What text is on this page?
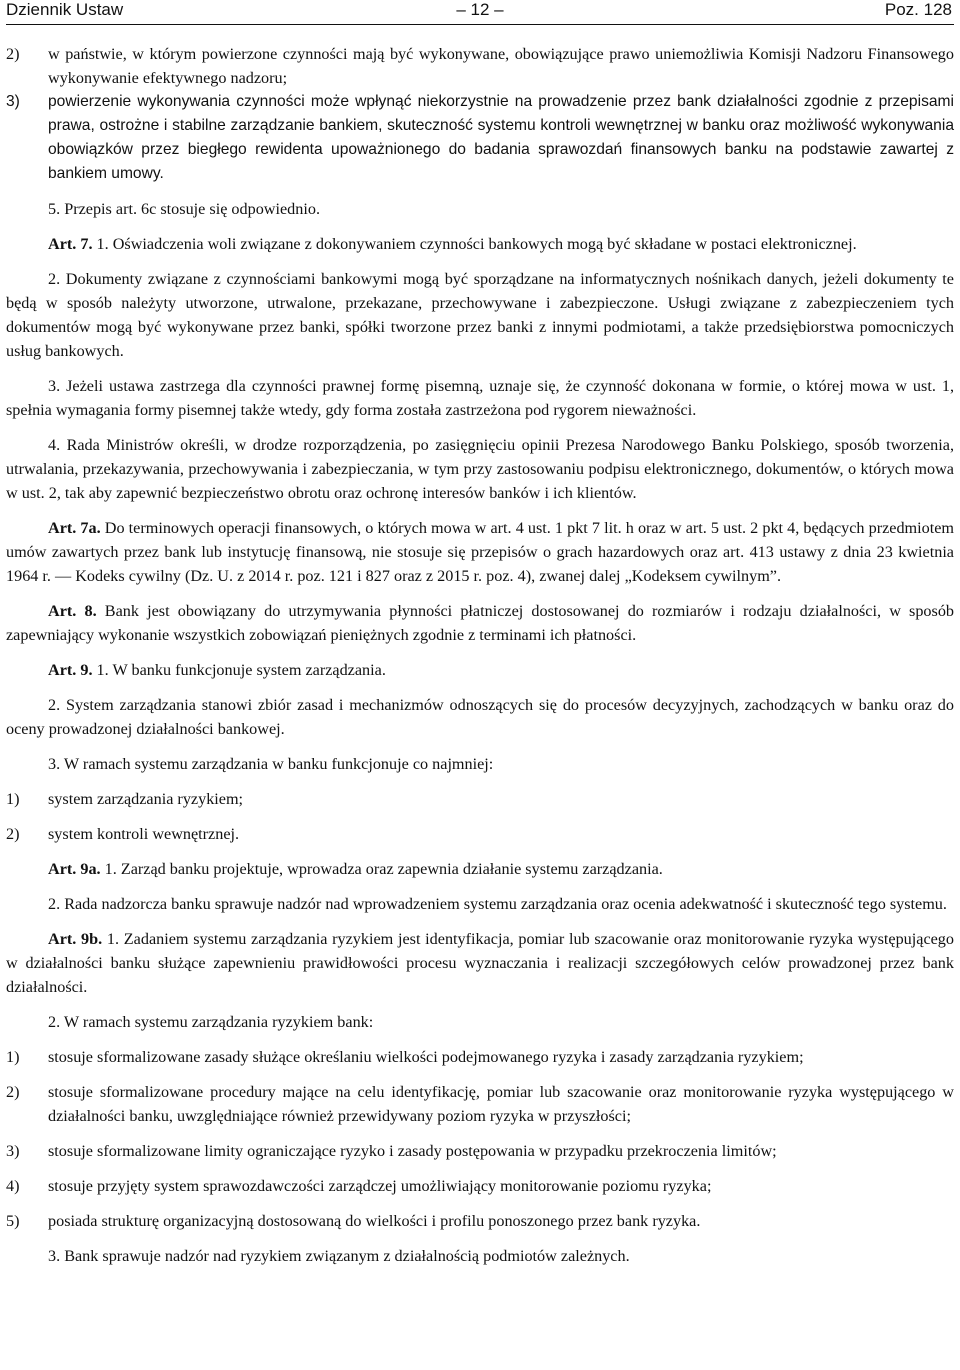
Dziennik Ustaw	– 12 –	Poz. 128

2) w państwie, w którym powierzone czynności mają być wykonywane, obowiązujące prawo uniemożliwia Komisji Nadzoru Finansowego wykonywanie efektywnego nadzoru;

3) powierzenie wykonywania czynności może wpłynąć niekorzystnie na prowadzenie przez bank działalności zgodnie z przepisami prawa, ostrożne i stabilne zarządzanie bankiem, skuteczność systemu kontroli wewnętrznej w banku oraz możliwość wykonywania obowiązków przez biegłego rewidenta upoważnionego do badania sprawozdań finansowych banku na podstawie zawartej z bankiem umowy.

5. Przepis art. 6c stosuje się odpowiednio.

Art. 7. 1. Oświadczenia woli związane z dokonywaniem czynności bankowych mogą być składane w postaci elektronicznej.

2. Dokumenty związane z czynnościami bankowymi mogą być sporządzane na informatycznych nośnikach danych, jeżeli dokumenty te będą w sposób należyty utworzone, utrwalone, przekazane, przechowywane i zabezpieczone. Usługi związane z zabezpieczeniem tych dokumentów mogą być wykonywane przez banki, spółki tworzone przez banki z innymi podmiotami, a także przedsiębiorstwa pomocniczych usług bankowych.

3. Jeżeli ustawa zastrzega dla czynności prawnej formę pisemną, uznaje się, że czynność dokonana w formie, o której mowa w ust. 1, spełnia wymagania formy pisemnej także wtedy, gdy forma została zastrzeżona pod rygorem nieważności.

4. Rada Ministrów określi, w drodze rozporządzenia, po zasięgnięciu opinii Prezesa Narodowego Banku Polskiego, sposób tworzenia, utrwalania, przekazywania, przechowywania i zabezpieczania, w tym przy zastosowaniu podpisu elektronicznego, dokumentów, o których mowa w ust. 2, tak aby zapewnić bezpieczeństwo obrotu oraz ochronę interesów banków i ich klientów.

Art. 7a. Do terminowych operacji finansowych, o których mowa w art. 4 ust. 1 pkt 7 lit. h oraz w art. 5 ust. 2 pkt 4, będących przedmiotem umów zawartych przez bank lub instytucję finansową, nie stosuje się przepisów o grach hazardowych oraz art. 413 ustawy z dnia 23 kwietnia 1964 r. — Kodeks cywilny (Dz. U. z 2014 r. poz. 121 i 827 oraz z 2015 r. poz. 4), zwanej dalej „Kodeksem cywilnym”.

Art. 8. Bank jest obowiązany do utrzymywania płynności płatniczej dostosowanej do rozmiarów i rodzaju działalności, w sposób zapewniający wykonanie wszystkich zobowiązań pieniężnych zgodnie z terminami ich płatności.

Art. 9. 1. W banku funkcjonuje system zarządzania.

2. System zarządzania stanowi zbiór zasad i mechanizmów odnoszących się do procesów decyzyjnych, zachodzących w banku oraz do oceny prowadzonej działalności bankowej.

3. W ramach systemu zarządzania w banku funkcjonuje co najmniej:

1) system zarządzania ryzykiem;

2) system kontroli wewnętrznej.

Art. 9a. 1. Zarząd banku projektuje, wprowadza oraz zapewnia działanie systemu zarządzania.

2. Rada nadzorcza banku sprawuje nadzór nad wprowadzeniem systemu zarządzania oraz ocenia adekwatność i skuteczność tego systemu.

Art. 9b. 1. Zadaniem systemu zarządzania ryzykiem jest identyfikacja, pomiar lub szacowanie oraz monitorowanie ryzyka występującego w działalności banku służące zapewnieniu prawidłowości procesu wyznaczania i realizacji szczegółowych celów prowadzonej przez bank działalności.

2. W ramach systemu zarządzania ryzykiem bank:

1) stosuje sformalizowane zasady służące określaniu wielkości podejmowanego ryzyka i zasady zarządzania ryzykiem;

2) stosuje sformalizowane procedury mające na celu identyfikację, pomiar lub szacowanie oraz monitorowanie ryzyka występującego w działalności banku, uwzględniające również przewidywany poziom ryzyka w przyszłości;

3) stosuje sformalizowane limity ograniczające ryzyko i zasady postępowania w przypadku przekroczenia limitów;

4) stosuje przyjęty system sprawozdawczości zarządczej umożliwiający monitorowanie poziomu ryzyka;

5) posiada strukturę organizacyjną dostosowaną do wielkości i profilu ponoszonego przez bank ryzyka.

3. Bank sprawuje nadzór nad ryzykiem związanym z działalnością podmiotów zależnych.
